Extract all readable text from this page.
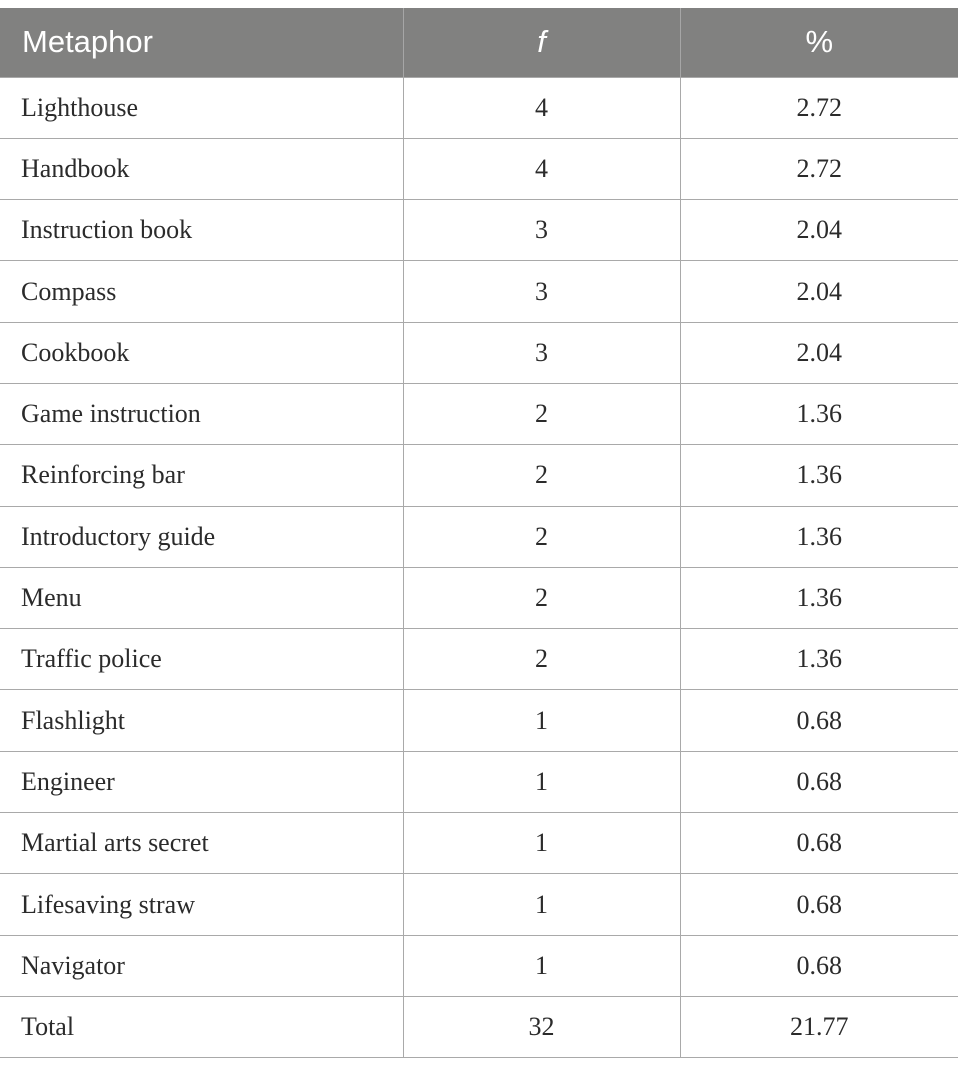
Metaphor	f	%
Lighthouse	4	2.72
Handbook	4	2.72
Instruction book	3	2.04
Compass	3	2.04
Cookbook	3	2.04
Game instruction	2	1.36
Reinforcing bar	2	1.36
Introductory guide	2	1.36
Menu	2	1.36
Traffic police	2	1.36
Flashlight	1	0.68
Engineer	1	0.68
Martial arts secret	1	0.68
Lifesaving straw	1	0.68
Navigator	1	0.68
Total	32	21.77
